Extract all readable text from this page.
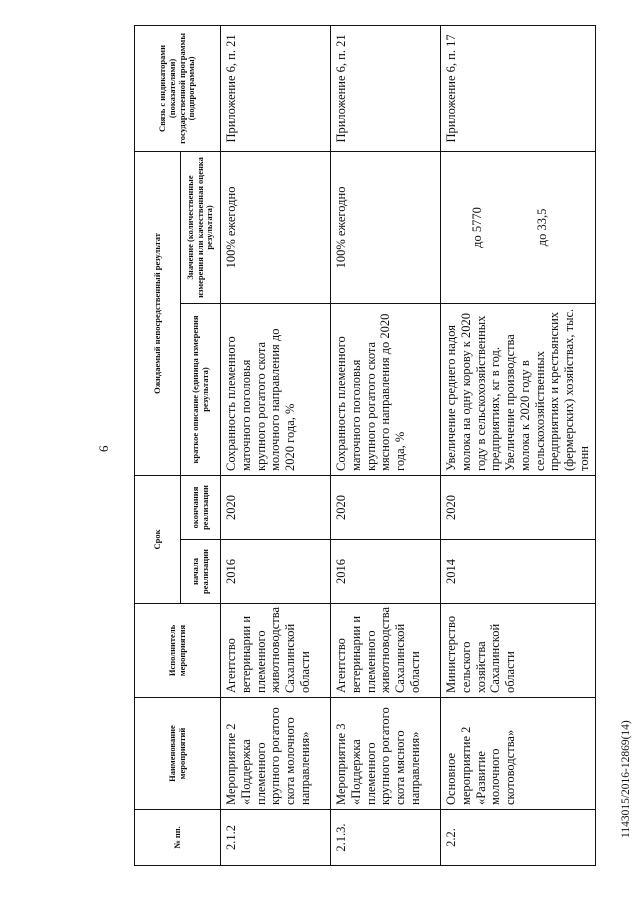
6
№ пп.	Наименование мероприятий	Исполнитель мероприятия	Срок		Ожидаемый непосредственный результат		Связь с индикаторами (показателями) государственной программы (подпрограммы)
			начала реализации	окончания реализации	краткое описание (единица измерения результата)	Значение (количественные измерения или качественная оценка результата)	
2.1.2	Мероприятие 2 «Поддержка племенного крупного рогатого скота молочного направления»	Агентство ветеринарии и племенного животноводства Сахалинской области	2016	2020	Сохранность племенного маточного поголовья крупного рогатого скота молочного направления до 2020 года, %	100% ежегодно	Приложение 6, п. 21
2.1.3.	Мероприятие 3 «Поддержка племенного крупного рогатого скота мясного направления»	Агентство ветеринарии и племенного животноводства Сахалинской области	2016	2020	Сохранность племенного маточного поголовья крупного рогатого скота мясного направления до 2020 года, %	100% ежегодно	Приложение 6, п. 21
2.2.	Основное мероприятие 2 «Развитие молочного скотоводства»	Министерство сельского хозяйства Сахалинской области	2014	2020	Увеличение среднего надоя молока на одну корову к 2020 году в сельскохозяйственных предприятиях, кг в год. Увеличение производства молока к 2020 году в сельскохозяйственных предприятиях и крестьянских (фермерских) хозяйствах, тыс. тонн	до 5770 до 33,5	Приложение 6, п. 17
1143015/2016-12869(14)
